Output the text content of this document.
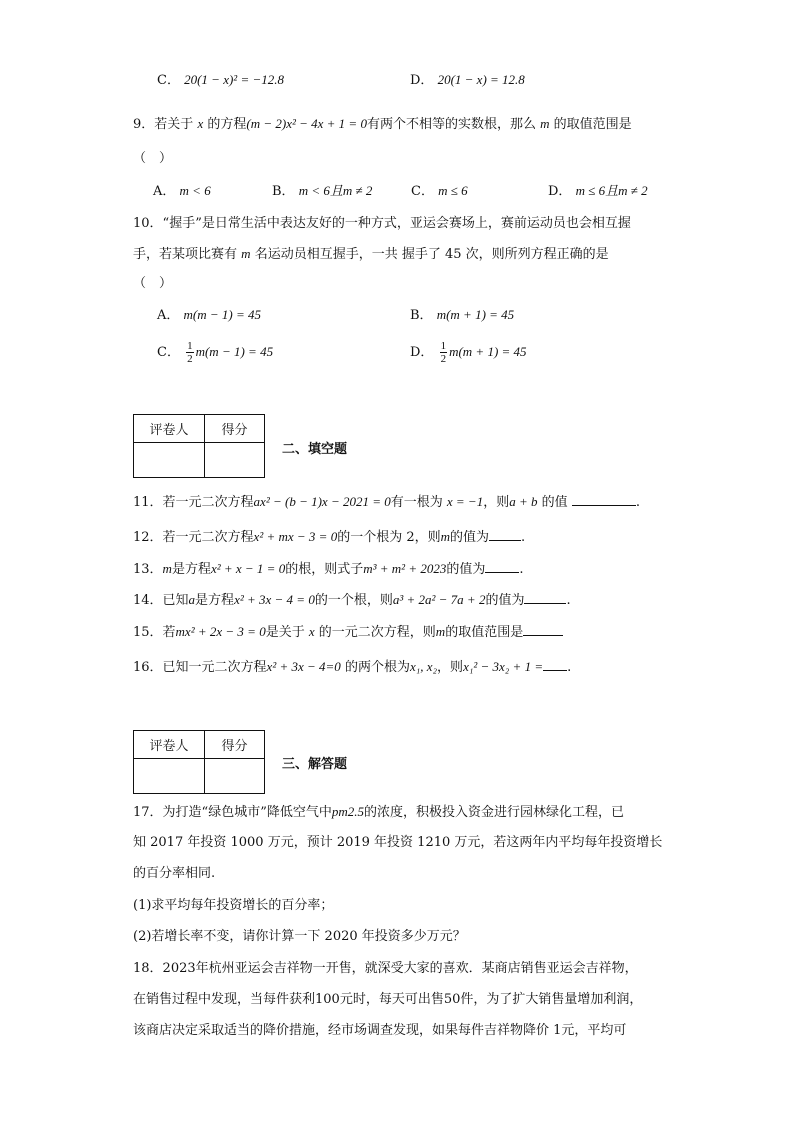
C． 20(1 − x)² = −12.8	D． 20(1 − x) = 12.8
9．若关于 x 的方程(m − 2)x² − 4x + 1 = 0有两个不相等的实数根，那么 m 的取值范围是
（　）
A． m < 6	B． m < 6且m ≠ 2	C． m ≤ 6	D． m ≤ 6且m ≠ 2
10．“握手”是日常生活中表达友好的一种方式，亚运会赛场上，赛前运动员也会相互握
手，若某项比赛有 m 名运动员相互握手，一共 握手了 45 次，则所列方程正确的是
（　）
A． m(m − 1) = 45	B． m(m + 1) = 45
C． $\frac{1}{2} m(m - 1) = 45$	D． $\frac{1}{2} m(m + 1) = 45$
评卷人	得分

二、填空题
11．若一元二次方程ax² − (b − 1)x − 2021 = 0有一根为 x = −1，则a + b 的值	.
12．若一元二次方程x² + mx − 3 = 0的一个根为 2，则m的值为 .
13．m是方程x² + x − 1 = 0的根，则式子m³ + m² + 2023的值为	.
14．已知a是方程x² + 3x − 4 = 0的一个根，则a³ + 2a² − 7a + 2的值为	.
15．若mx² + 2x − 3 = 0是关于 x 的一元二次方程，则m的取值范围是
16．已知一元二次方程x² + 3x − 4=0 的两个根为x₁, x₂，则x₁² − 3x₂ + 1 = .
评卷人	得分

三、解答题
17．为打造“绿色城市”降低空气中pm2.5的浓度，积极投入资金进行园林绿化工程，已
知 2017 年投资 1000 万元，预计 2019 年投资 1210 万元，若这两年内平均每年投资增长
的百分率相同.
(1)求平均每年投资增长的百分率；
(2)若增长率不变，请你计算一下 2020 年投资多少万元？
18．2023年杭州亚运会吉祥物一开售，就深受大家的喜欢．某商店销售亚运会吉祥物，
在销售过程中发现，当每件获利100元时，每天可出售50件，为了扩大销售量增加利润，
该商店决定采取适当的降价措施，经市场调查发现，如果每件吉祥物降价 1元，平均可
